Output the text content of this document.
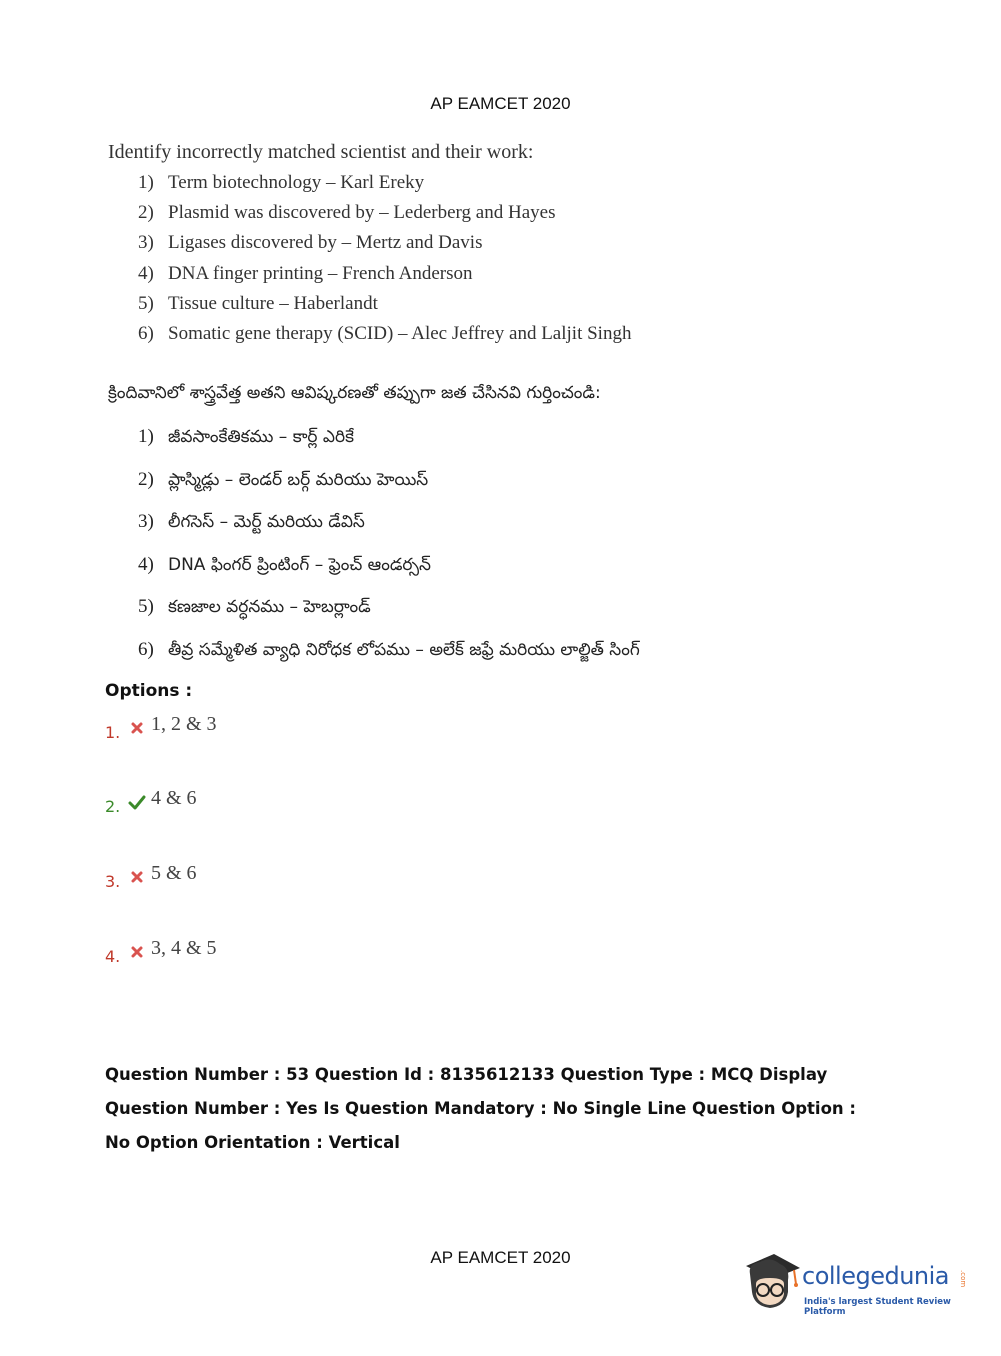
AP EAMCET 2020
Identify incorrectly matched scientist and their work:
1) Term biotechnology – Karl Ereky
2) Plasmid was discovered by – Lederberg and Hayes
3) Ligases discovered by – Mertz and Davis
4) DNA finger printing – French Anderson
5) Tissue culture – Haberlandt
6) Somatic gene therapy (SCID) – Alec Jeffrey and Laljit Singh
క్రిందివానిలో శాస్త్రవేత్త అతని ఆవిష్కరణతో తప్పుగా జత చేసినవి గుర్తించండి:
1) జీవసాంకేతికము – కార్ల్ ఎరికే
2) ప్లాస్మిడ్లు – లెండర్ బర్గ్ మరియు హెయిస్
3) లీగసెస్ – మెర్ట్ మరియు డేవిస్
4) DNA ఫింగర్ ప్రింటింగ్ – ఫ్రెంచ్ ఆండర్సన్
5) కణజాల వర్ధనము – హెబర్లాండ్
6) తీవ్ర సమ్మేళిత వ్యాధి నిరోధక లోపము – అలేక్ జఫ్రే మరియు లాల్జిత్ సింగ్
Options :
1.	1, 2 & 3
2.	4 & 6
3.	5 & 6
4.	3, 4 & 5
Question Number : 53 Question Id : 8135612133 Question Type : MCQ Display Question Number : Yes Is Question Mandatory : No Single Line Question Option : No Option Orientation : Vertical
AP EAMCET 2020
collegedunia .com
India's largest Student Review Platform
